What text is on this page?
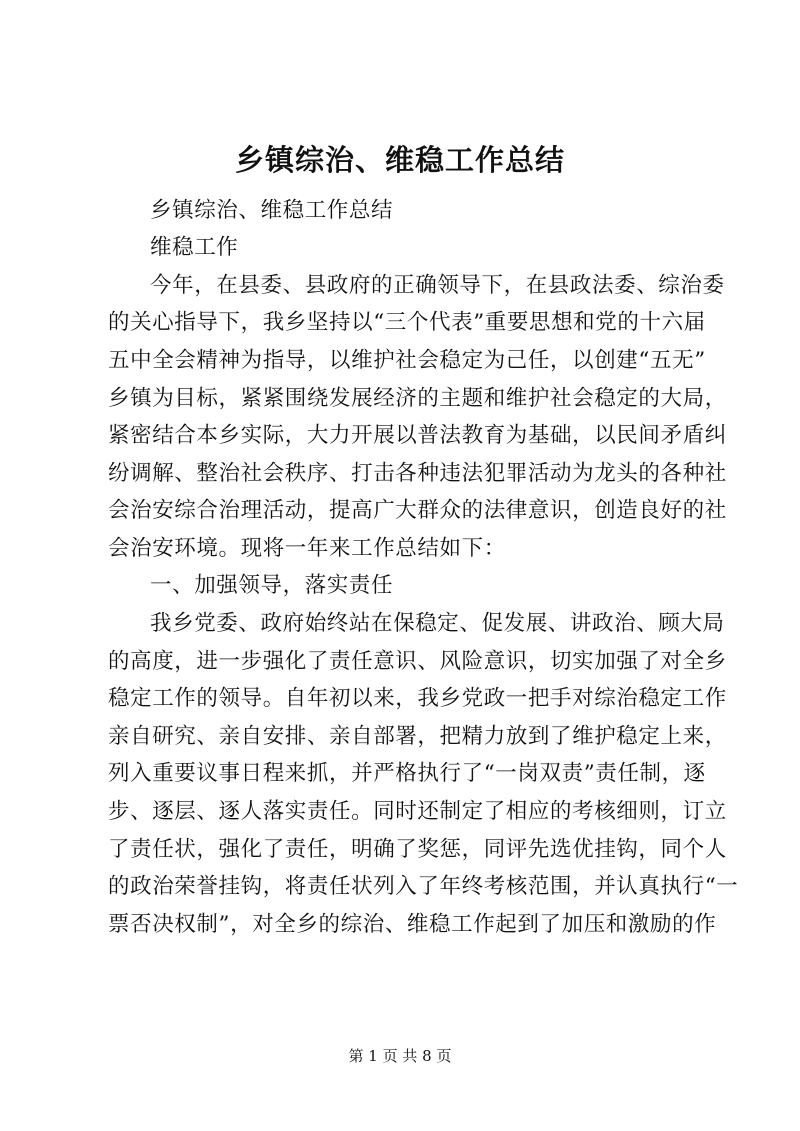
乡镇综治、维稳工作总结
乡镇综治、维稳工作总结
维稳工作
今年，在县委、县政府的正确领导下，在县政法委、综治委
的关心指导下，我乡坚持以“三个代表”重要思想和党的十六届
五中全会精神为指导，以维护社会稳定为己任，以创建“五无”
乡镇为目标，紧紧围绕发展经济的主题和维护社会稳定的大局，
紧密结合本乡实际，大力开展以普法教育为基础，以民间矛盾纠
纷调解、整治社会秩序、打击各种违法犯罪活动为龙头的各种社
会治安综合治理活动，提高广大群众的法律意识，创造良好的社
会治安环境。现将一年来工作总结如下：
一、加强领导，落实责任
我乡党委、政府始终站在保稳定、促发展、讲政治、顾大局
的高度，进一步强化了责任意识、风险意识，切实加强了对全乡
稳定工作的领导。自年初以来，我乡党政一把手对综治稳定工作
亲自研究、亲自安排、亲自部署，把精力放到了维护稳定上来，
列入重要议事日程来抓，并严格执行了“一岗双责”责任制，逐
步、逐层、逐人落实责任。同时还制定了相应的考核细则，订立
了责任状，强化了责任，明确了奖惩，同评先选优挂钩，同个人
的政治荣誉挂钩，将责任状列入了年终考核范围，并认真执行“一
票否决权制”，对全乡的综治、维稳工作起到了加压和激励的作
第 1 页 共 8 页
